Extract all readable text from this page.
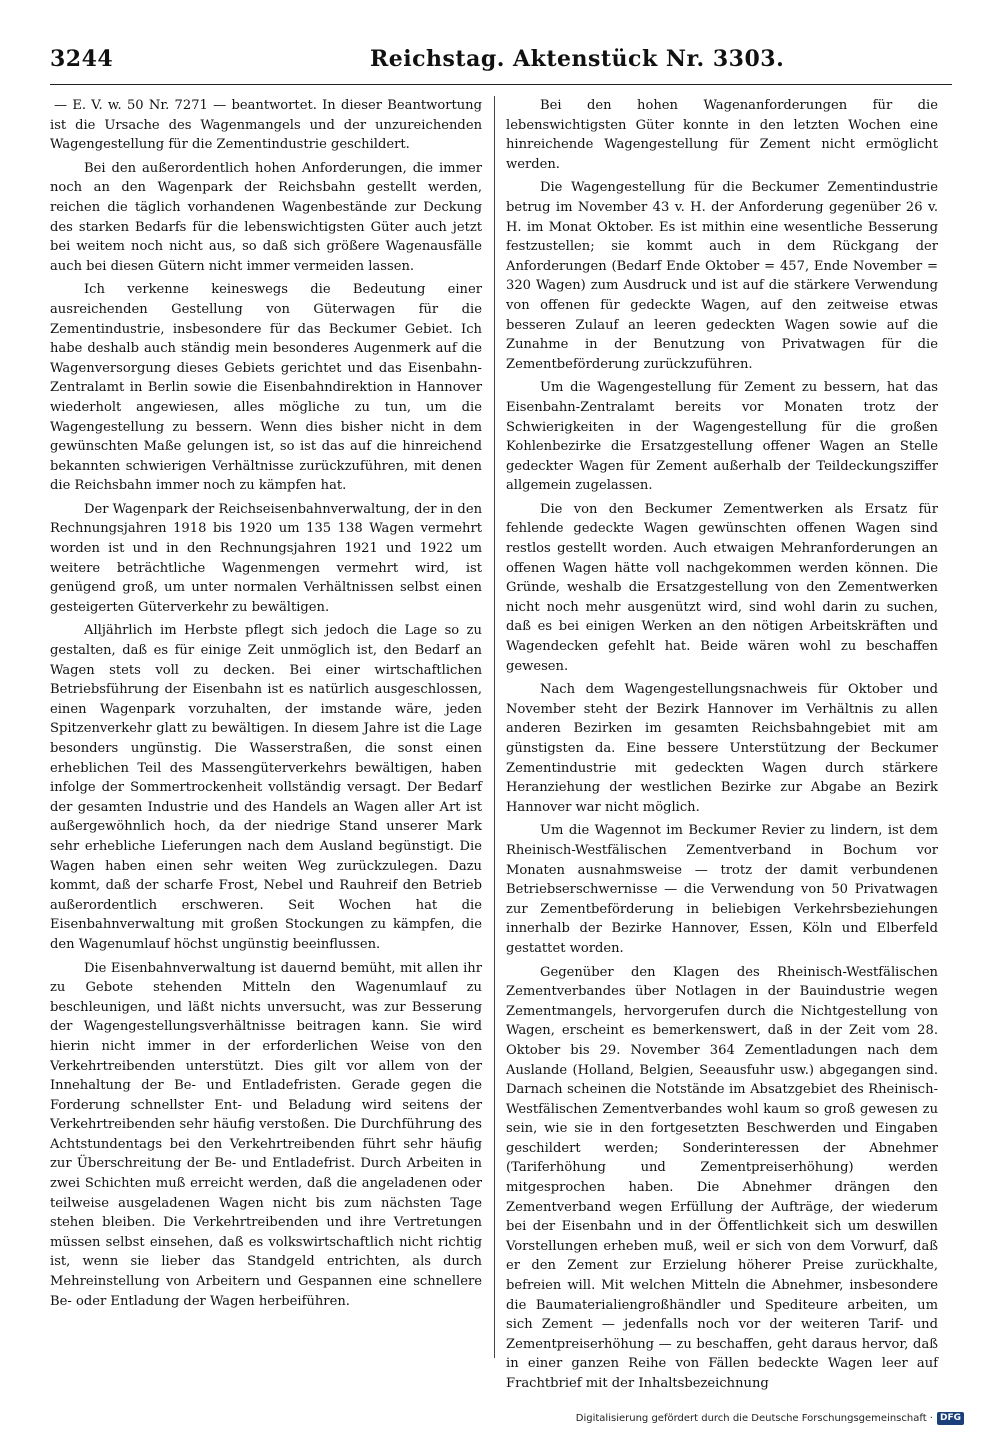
3244	Reichstag. Aktenstück Nr. 3303.

— E. V. w. 50 Nr. 7271 — beantwortet. In dieser Beantwortung ist die Ursache des Wagenmangels und der unzureichenden Wagengestellung für die Zementindustrie geschildert.

Bei den außerordentlich hohen Anforderungen, die immer noch an den Wagenpark der Reichsbahn gestellt werden, reichen die täglich vorhandenen Wagenbestände zur Deckung des starken Bedarfs für die lebenswichtigsten Güter auch jetzt bei weitem noch nicht aus, so daß sich größere Wagenausfälle auch bei diesen Gütern nicht immer vermeiden lassen.

Ich verkenne keineswegs die Bedeutung einer ausreichenden Gestellung von Güterwagen für die Zementindustrie, insbesondere für das Beckumer Gebiet. Ich habe deshalb auch ständig mein besonderes Augenmerk auf die Wagenversorgung dieses Gebiets gerichtet und das Eisenbahn-Zentralamt in Berlin sowie die Eisenbahndirektion in Hannover wiederholt angewiesen, alles mögliche zu tun, um die Wagengestellung zu bessern. Wenn dies bisher nicht in dem gewünschten Maße gelungen ist, so ist das auf die hinreichend bekannten schwierigen Verhältnisse zurückzuführen, mit denen die Reichsbahn immer noch zu kämpfen hat.

Der Wagenpark der Reichseisenbahnverwaltung, der in den Rechnungsjahren 1918 bis 1920 um 135 138 Wagen vermehrt worden ist und in den Rechnungsjahren 1921 und 1922 um weitere beträchtliche Wagenmengen vermehrt wird, ist genügend groß, um unter normalen Verhältnissen selbst einen gesteigerten Güterverkehr zu bewältigen.

Alljährlich im Herbste pflegt sich jedoch die Lage so zu gestalten, daß es für einige Zeit unmöglich ist, den Bedarf an Wagen stets voll zu decken. Bei einer wirtschaftlichen Betriebsführung der Eisenbahn ist es natürlich ausgeschlossen, einen Wagenpark vorzuhalten, der imstande wäre, jeden Spitzenverkehr glatt zu bewältigen. In diesem Jahre ist die Lage besonders ungünstig. Die Wasserstraßen, die sonst einen erheblichen Teil des Massengüterverkehrs bewältigen, haben infolge der Sommertrockenheit vollständig versagt. Der Bedarf der gesamten Industrie und des Handels an Wagen aller Art ist außergewöhnlich hoch, da der niedrige Stand unserer Mark sehr erhebliche Lieferungen nach dem Ausland begünstigt. Die Wagen haben einen sehr weiten Weg zurückzulegen. Dazu kommt, daß der scharfe Frost, Nebel und Rauhreif den Betrieb außerordentlich erschweren. Seit Wochen hat die Eisenbahnverwaltung mit großen Stockungen zu kämpfen, die den Wagenumlauf höchst ungünstig beeinflussen.

Die Eisenbahnverwaltung ist dauernd bemüht, mit allen ihr zu Gebote stehenden Mitteln den Wagenumlauf zu beschleunigen, und läßt nichts unversucht, was zur Besserung der Wagengestellungsverhältnisse beitragen kann. Sie wird hierin nicht immer in der erforderlichen Weise von den Verkehrtreibenden unterstützt. Dies gilt vor allem von der Innehaltung der Be- und Entladefristen. Gerade gegen die Forderung schnellster Ent- und Beladung wird seitens der Verkehrtreibenden sehr häufig verstoßen. Die Durchführung des Achtstundentags bei den Verkehrtreibenden führt sehr häufig zur Überschreitung der Be- und Entladefrist. Durch Arbeiten in zwei Schichten muß erreicht werden, daß die angeladenen oder teilweise ausgeladenen Wagen nicht bis zum nächsten Tage stehen bleiben. Die Verkehrtreibenden und ihre Vertretungen müssen selbst einsehen, daß es volkswirtschaftlich nicht richtig ist, wenn sie lieber das Standgeld entrichten, als durch Mehreinstellung von Arbeitern und Gespannen eine schnellere Be- oder Entladung der Wagen herbeiführen.

Bei den hohen Wagenanforderungen für die lebenswichtigsten Güter konnte in den letzten Wochen eine hinreichende Wagengestellung für Zement nicht ermöglicht werden.

Die Wagengestellung für die Beckumer Zementindustrie betrug im November 43 v. H. der Anforderung gegenüber 26 v. H. im Monat Oktober. Es ist mithin eine wesentliche Besserung festzustellen; sie kommt auch in dem Rückgang der Anforderungen (Bedarf Ende Oktober = 457, Ende November = 320 Wagen) zum Ausdruck und ist auf die stärkere Verwendung von offenen für gedeckte Wagen, auf den zeitweise etwas besseren Zulauf an leeren gedeckten Wagen sowie auf die Zunahme in der Benutzung von Privatwagen für die Zementbeförderung zurückzuführen.

Um die Wagengestellung für Zement zu bessern, hat das Eisenbahn-Zentralamt bereits vor Monaten trotz der Schwierigkeiten in der Wagengestellung für die großen Kohlenbezirke die Ersatzgestellung offener Wagen an Stelle gedeckter Wagen für Zement außerhalb der Teildeckungsziffer allgemein zugelassen.

Die von den Beckumer Zementwerken als Ersatz für fehlende gedeckte Wagen gewünschten offenen Wagen sind restlos gestellt worden. Auch etwaigen Mehranforderungen an offenen Wagen hätte voll nachgekommen werden können. Die Gründe, weshalb die Ersatzgestellung von den Zementwerken nicht noch mehr ausgenützt wird, sind wohl darin zu suchen, daß es bei einigen Werken an den nötigen Arbeitskräften und Wagendecken gefehlt hat. Beide wären wohl zu beschaffen gewesen.

Nach dem Wagengestellungsnachweis für Oktober und November steht der Bezirk Hannover im Verhältnis zu allen anderen Bezirken im gesamten Reichsbahngebiet mit am günstigsten da. Eine bessere Unterstützung der Beckumer Zementindustrie mit gedeckten Wagen durch stärkere Heranziehung der westlichen Bezirke zur Abgabe an Bezirk Hannover war nicht möglich.

Um die Wagennot im Beckumer Revier zu lindern, ist dem Rheinisch-Westfälischen Zementverband in Bochum vor Monaten ausnahmsweise — trotz der damit verbundenen Betriebserschwernisse — die Verwendung von 50 Privatwagen zur Zementbeförderung in beliebigen Verkehrsbeziehungen innerhalb der Bezirke Hannover, Essen, Köln und Elberfeld gestattet worden.

Gegenüber den Klagen des Rheinisch-Westfälischen Zementverbandes über Notlagen in der Bauindustrie wegen Zementmangels, hervorgerufen durch die Nichtgestellung von Wagen, erscheint es bemerkenswert, daß in der Zeit vom 28. Oktober bis 29. November 364 Zementladungen nach dem Auslande (Holland, Belgien, Seeausfuhr usw.) abgegangen sind. Darnach scheinen die Notstände im Absatzgebiet des Rheinisch-Westfälischen Zementverbandes wohl kaum so groß gewesen zu sein, wie sie in den fortgesetzten Beschwerden und Eingaben geschildert werden; Sonderinteressen der Abnehmer (Tariferhöhung und Zementpreiserhöhung) werden mitgesprochen haben. Die Abnehmer drängen den Zementverband wegen Erfüllung der Aufträge, der wiederum bei der Eisenbahn und in der Öffentlichkeit sich um deswillen Vorstellungen erheben muß, weil er sich von dem Vorwurf, daß er den Zement zur Erzielung höherer Preise zurückhalte, befreien will. Mit welchen Mitteln die Abnehmer, insbesondere die Baumaterialiengroßhändler und Spediteure arbeiten, um sich Zement — jedenfalls noch vor der weiteren Tarif- und Zementpreiserhöhung — zu beschaffen, geht daraus hervor, daß in einer ganzen Reihe von Fällen bedeckte Wagen leer auf Frachtbrief mit der Inhaltsbezeichnung

Digitalisierung gefördert durch die Deutsche Forschungsgemeinschaft · DFG
